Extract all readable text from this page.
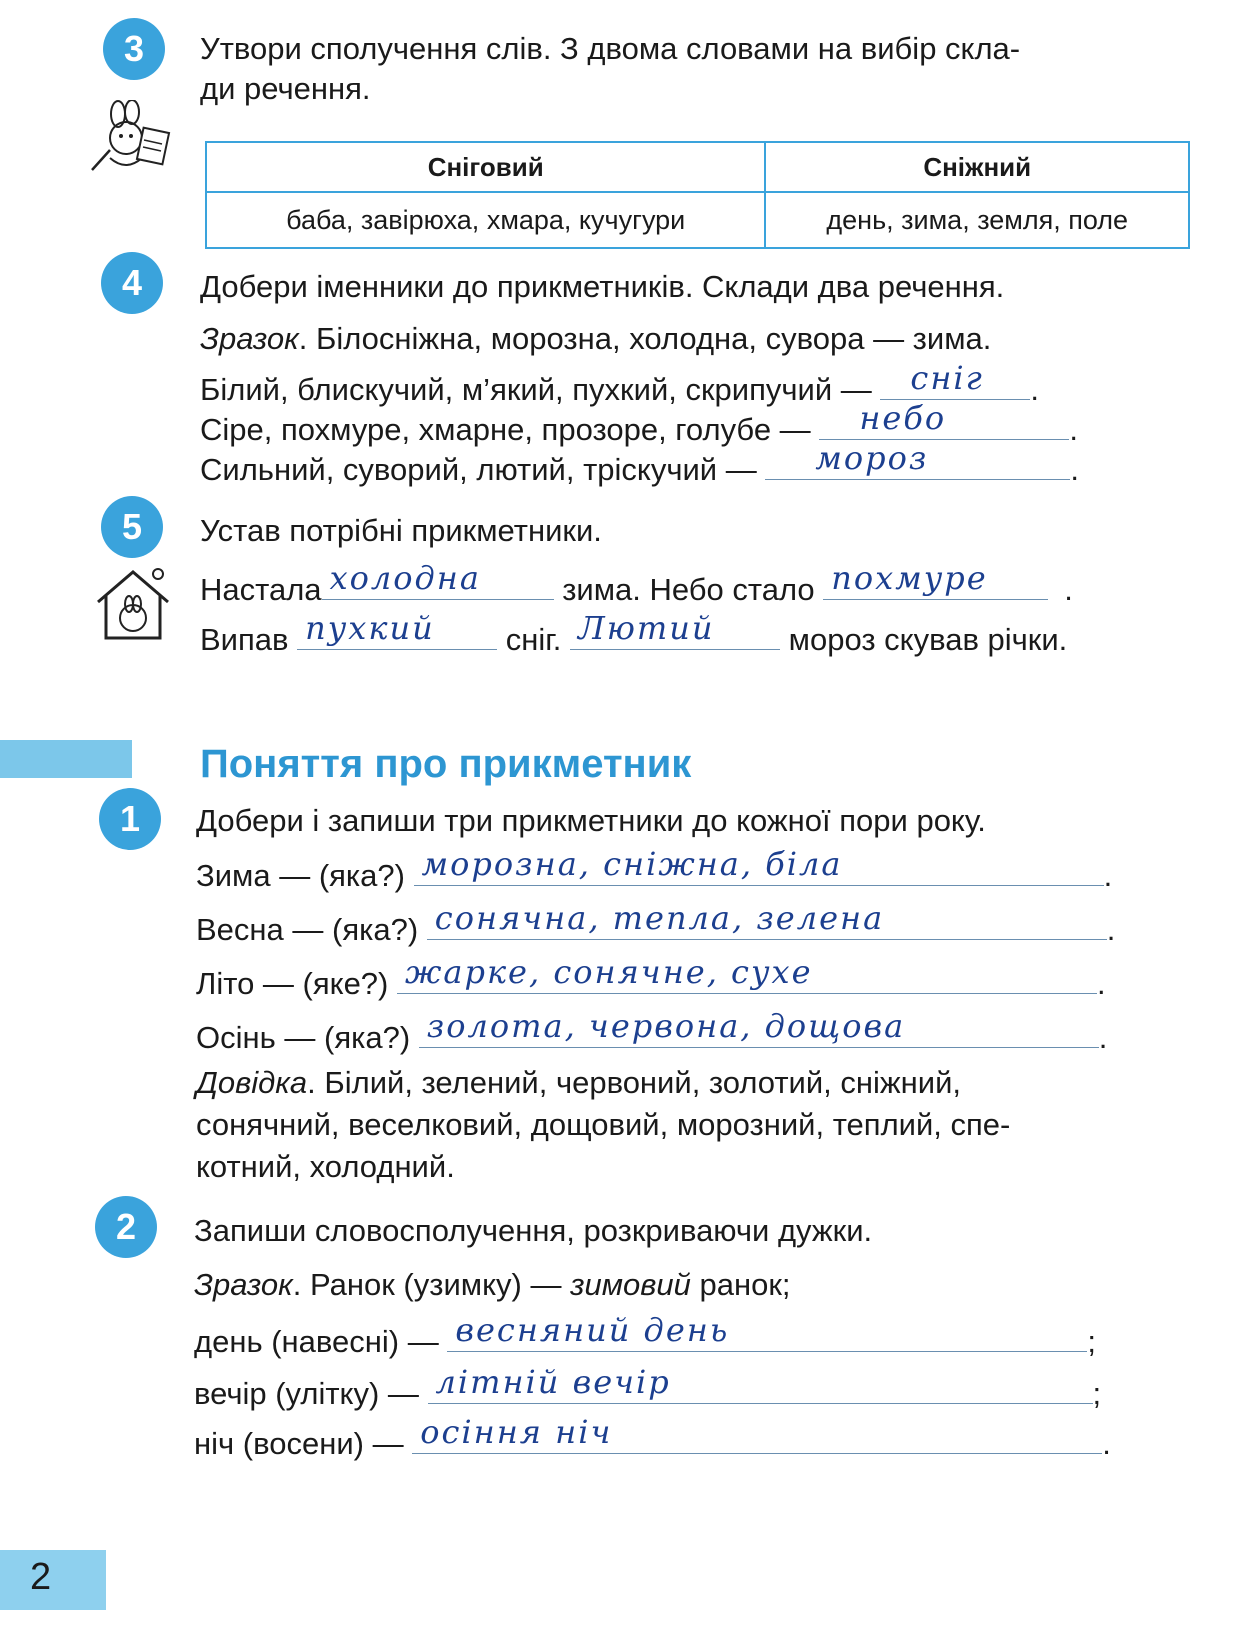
3	Утвори сполучення слів. З двома словами на вибір скла-
ди речення.
Сніговий	Сніжний
баба, завірюха, хмара, кучугури	день, зима, земля, поле
4	Добери іменники до прикметників. Склади два речення.
Зразок. Білосніжна, морозна, холодна, сувора — зима.
Білий, блискучий, м’який, пухкий, скрипучий — сніг .
Сіре, похмуре, хмарне, прозоре, голубе — небо	.
Сильний, суворий, лютий, тріскучий — мороз	.
5	Устав потрібні прикметники.
Настала холодна	зима. Небо стало похмуре .
Випав пухкий сніг. Лютий мороз скував річки.
Поняття про прикметник
1	Добери і запиши три прикметники до кожної пори року.
Зима — (яка?) морозна, сніжна, біла	.
Весна — (яка?) сонячна, тепла, зелена	.
Літо — (яке?) жарке, сонячне, сухе	.
Осінь — (яка?) золота, червона, дощова	.
Довідка. Білий, зелений, червоний, золотий, сніжний,
сонячний, веселковий, дощовий, морозний, теплий, спе-
котний, холодний.
2	Запиши словосполучення, розкриваючи дужки.
Зразок. Ранок (узимку) — зимовий ранок;
день (навесні) — весняний день	;
вечір (улітку) — літній вечір	;
ніч (восени) — осіння ніч	.
2
